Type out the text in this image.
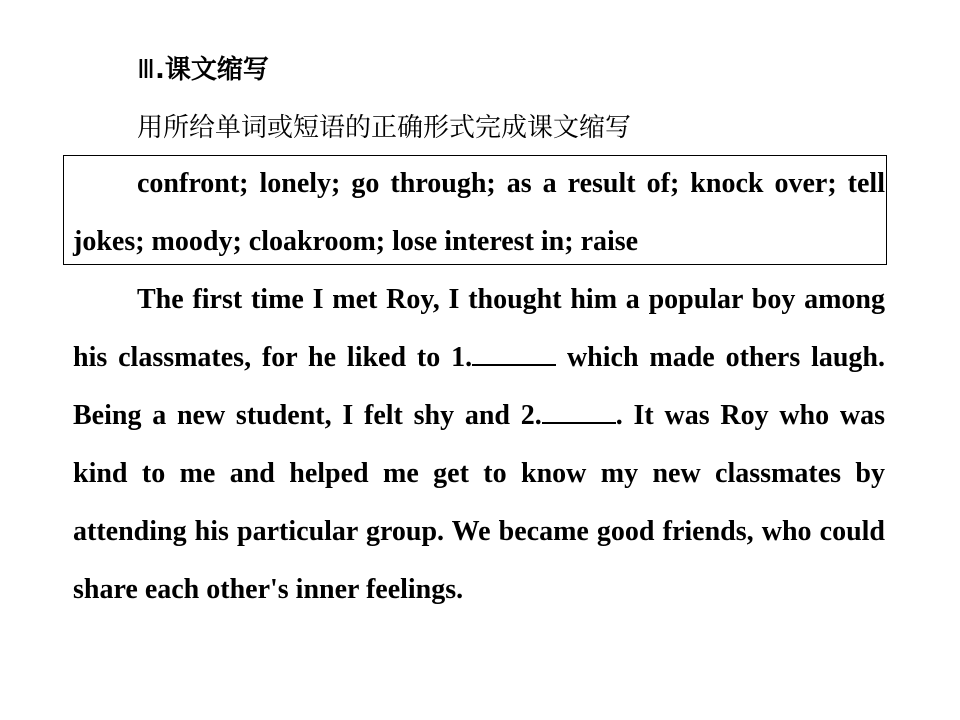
Ⅲ.课文缩写
用所给单词或短语的正确形式完成课文缩写

confront; lonely; go through; as a result of; knock over; tell jokes; moody; cloakroom; lose interest in; raise

The first time I met Roy, I thought him a popular boy among his classmates, for he liked to 1.	which made others laugh. Being a new student, I felt shy and 2.	. It was Roy who was kind to me and helped me get to know my new classmates by attending his particular group. We became good friends, who could share each other's inner feelings.
